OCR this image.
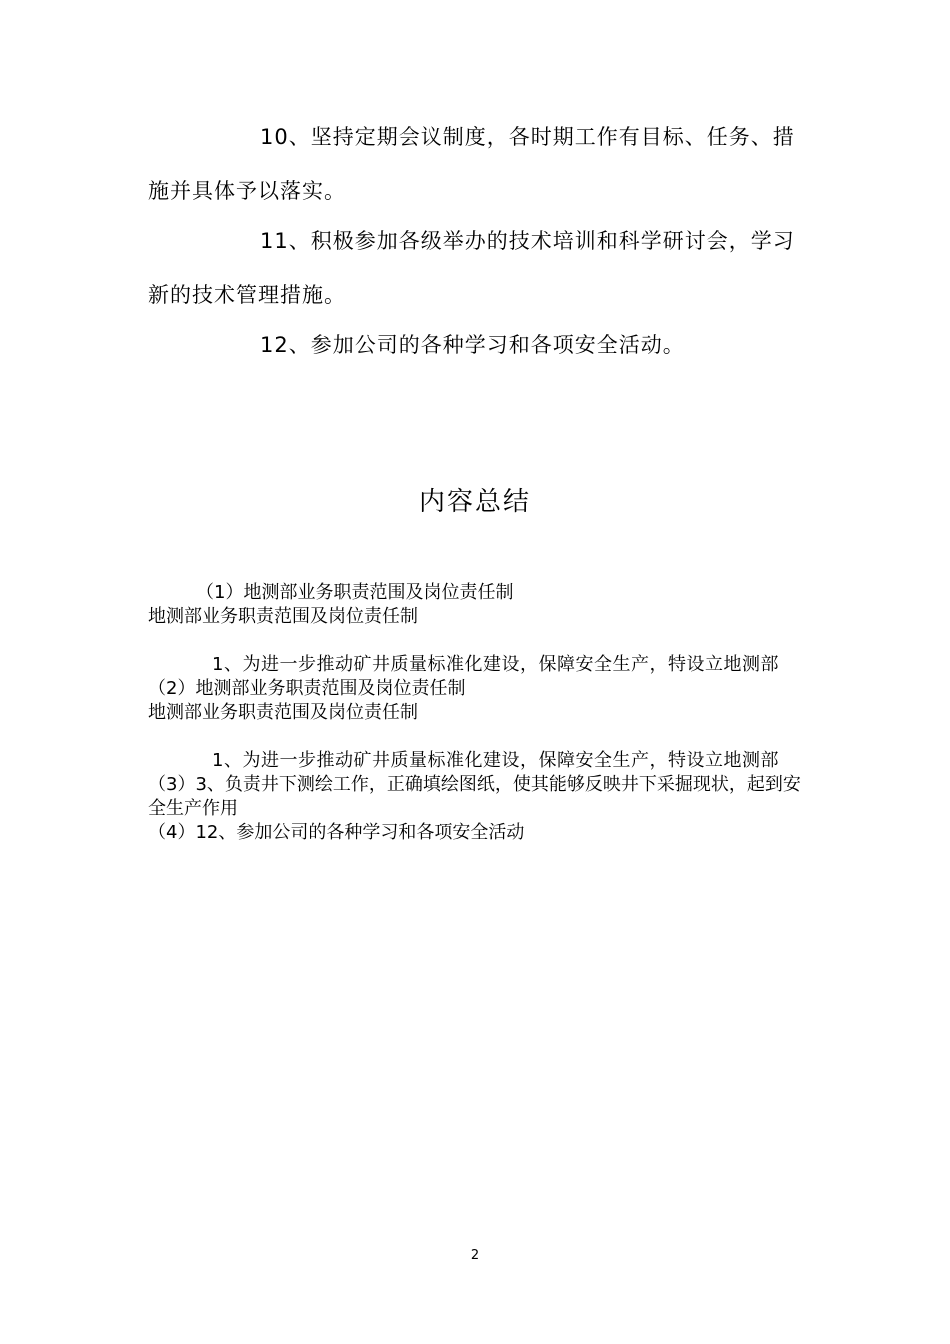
10、坚持定期会议制度，各时期工作有目标、任务、措施并具体予以落实。

11、积极参加各级举办的技术培训和科学研讨会，学习新的技术管理措施。

12、参加公司的各种学习和各项安全活动。

内容总结
（1）地测部业务职责范围及岗位责任制
地测部业务职责范围及岗位责任制
1、为进一步推动矿井质量标准化建设，保障安全生产，特设立地测部
（2）地测部业务职责范围及岗位责任制
地测部业务职责范围及岗位责任制
1、为进一步推动矿井质量标准化建设，保障安全生产，特设立地测部
（3）3、负责井下测绘工作，正确填绘图纸，使其能够反映井下采掘现状，起到安全生产作用
（4）12、参加公司的各种学习和各项安全活动
2
